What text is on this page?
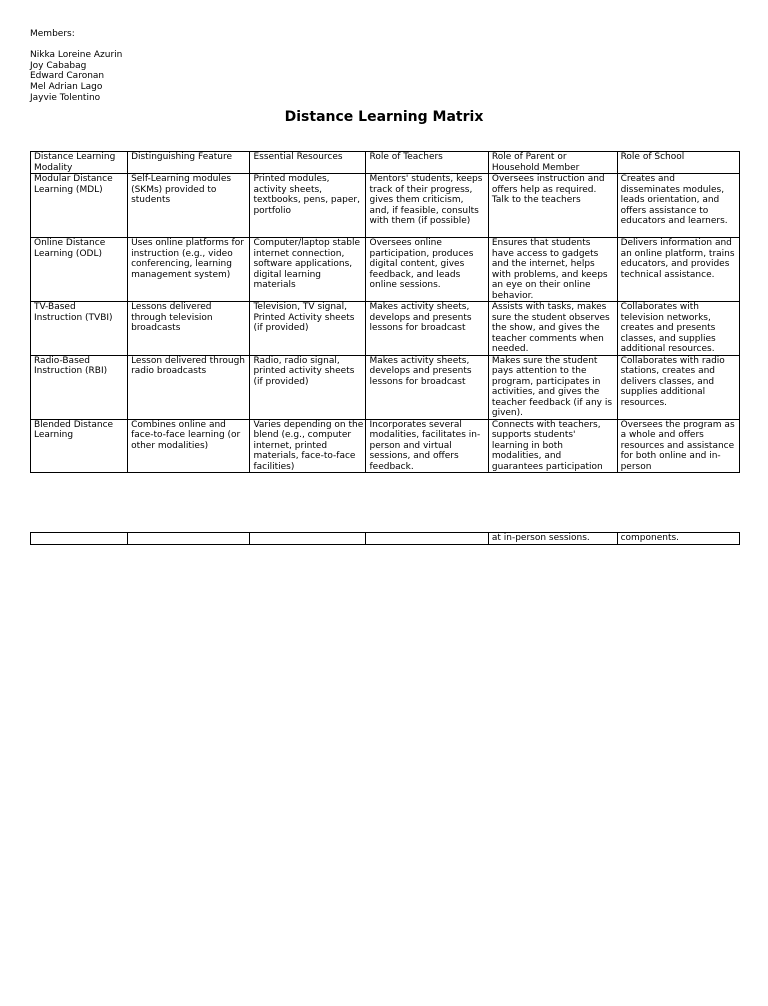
Members:
Nikka Loreine Azurin
Joy Cababag
Edward Caronan
Mel Adrian Lago
Jayvie Tolentino
Distance Learning Matrix
Distance Learning Modality	Distinguishing Feature	Essential Resources	Role of Teachers	Role of Parent or Household Member	Role of School
Modular Distance Learning (MDL)	Self-Learning modules (SKMs) provided to students	Printed modules, activity sheets, textbooks, pens, paper, portfolio	Mentors' students, keeps track of their progress, gives them criticism, and, if feasible, consults with them (if possible)	Oversees instruction and offers help as required. Talk to the teachers	Creates and disseminates modules, leads orientation, and offers assistance to educators and learners.
Online Distance Learning (ODL)	Uses online platforms for instruction (e.g., video conferencing, learning management system)	Computer/laptop stable internet connection, software applications, digital learning materials	Oversees online participation, produces digital content, gives feedback, and leads online sessions.	Ensures that students have access to gadgets and the internet, helps with problems, and keeps an eye on their online behavior.	Delivers information and an online platform, trains educators, and provides technical assistance.
TV-Based Instruction (TVBI)	Lessons delivered through television broadcasts	Television, TV signal, Printed Activity sheets (if provided)	Makes activity sheets, develops and presents lessons for broadcast	Assists with tasks, makes sure the student observes the show, and gives the teacher comments when needed.	Collaborates with television networks, creates and presents classes, and supplies additional resources.
Radio-Based Instruction (RBI)	Lesson delivered through radio broadcasts	Radio, radio signal, printed activity sheets (if provided)	Makes activity sheets, develops and presents lessons for broadcast	Makes sure the student pays attention to the program, participates in activities, and gives the teacher feedback (if any is given).	Collaborates with radio stations, creates and delivers classes, and supplies additional resources.
Blended Distance Learning	Combines online and face-to-face learning (or other modalities)	Varies depending on the blend (e.g., computer internet, printed materials, face-to-face facilities)	Incorporates several modalities, facilitates in-person and virtual sessions, and offers feedback.	Connects with teachers, supports students' learning in both modalities, and guarantees participation	Oversees the program as a whole and offers resources and assistance for both online and in-person
				at in-person sessions.	components.
